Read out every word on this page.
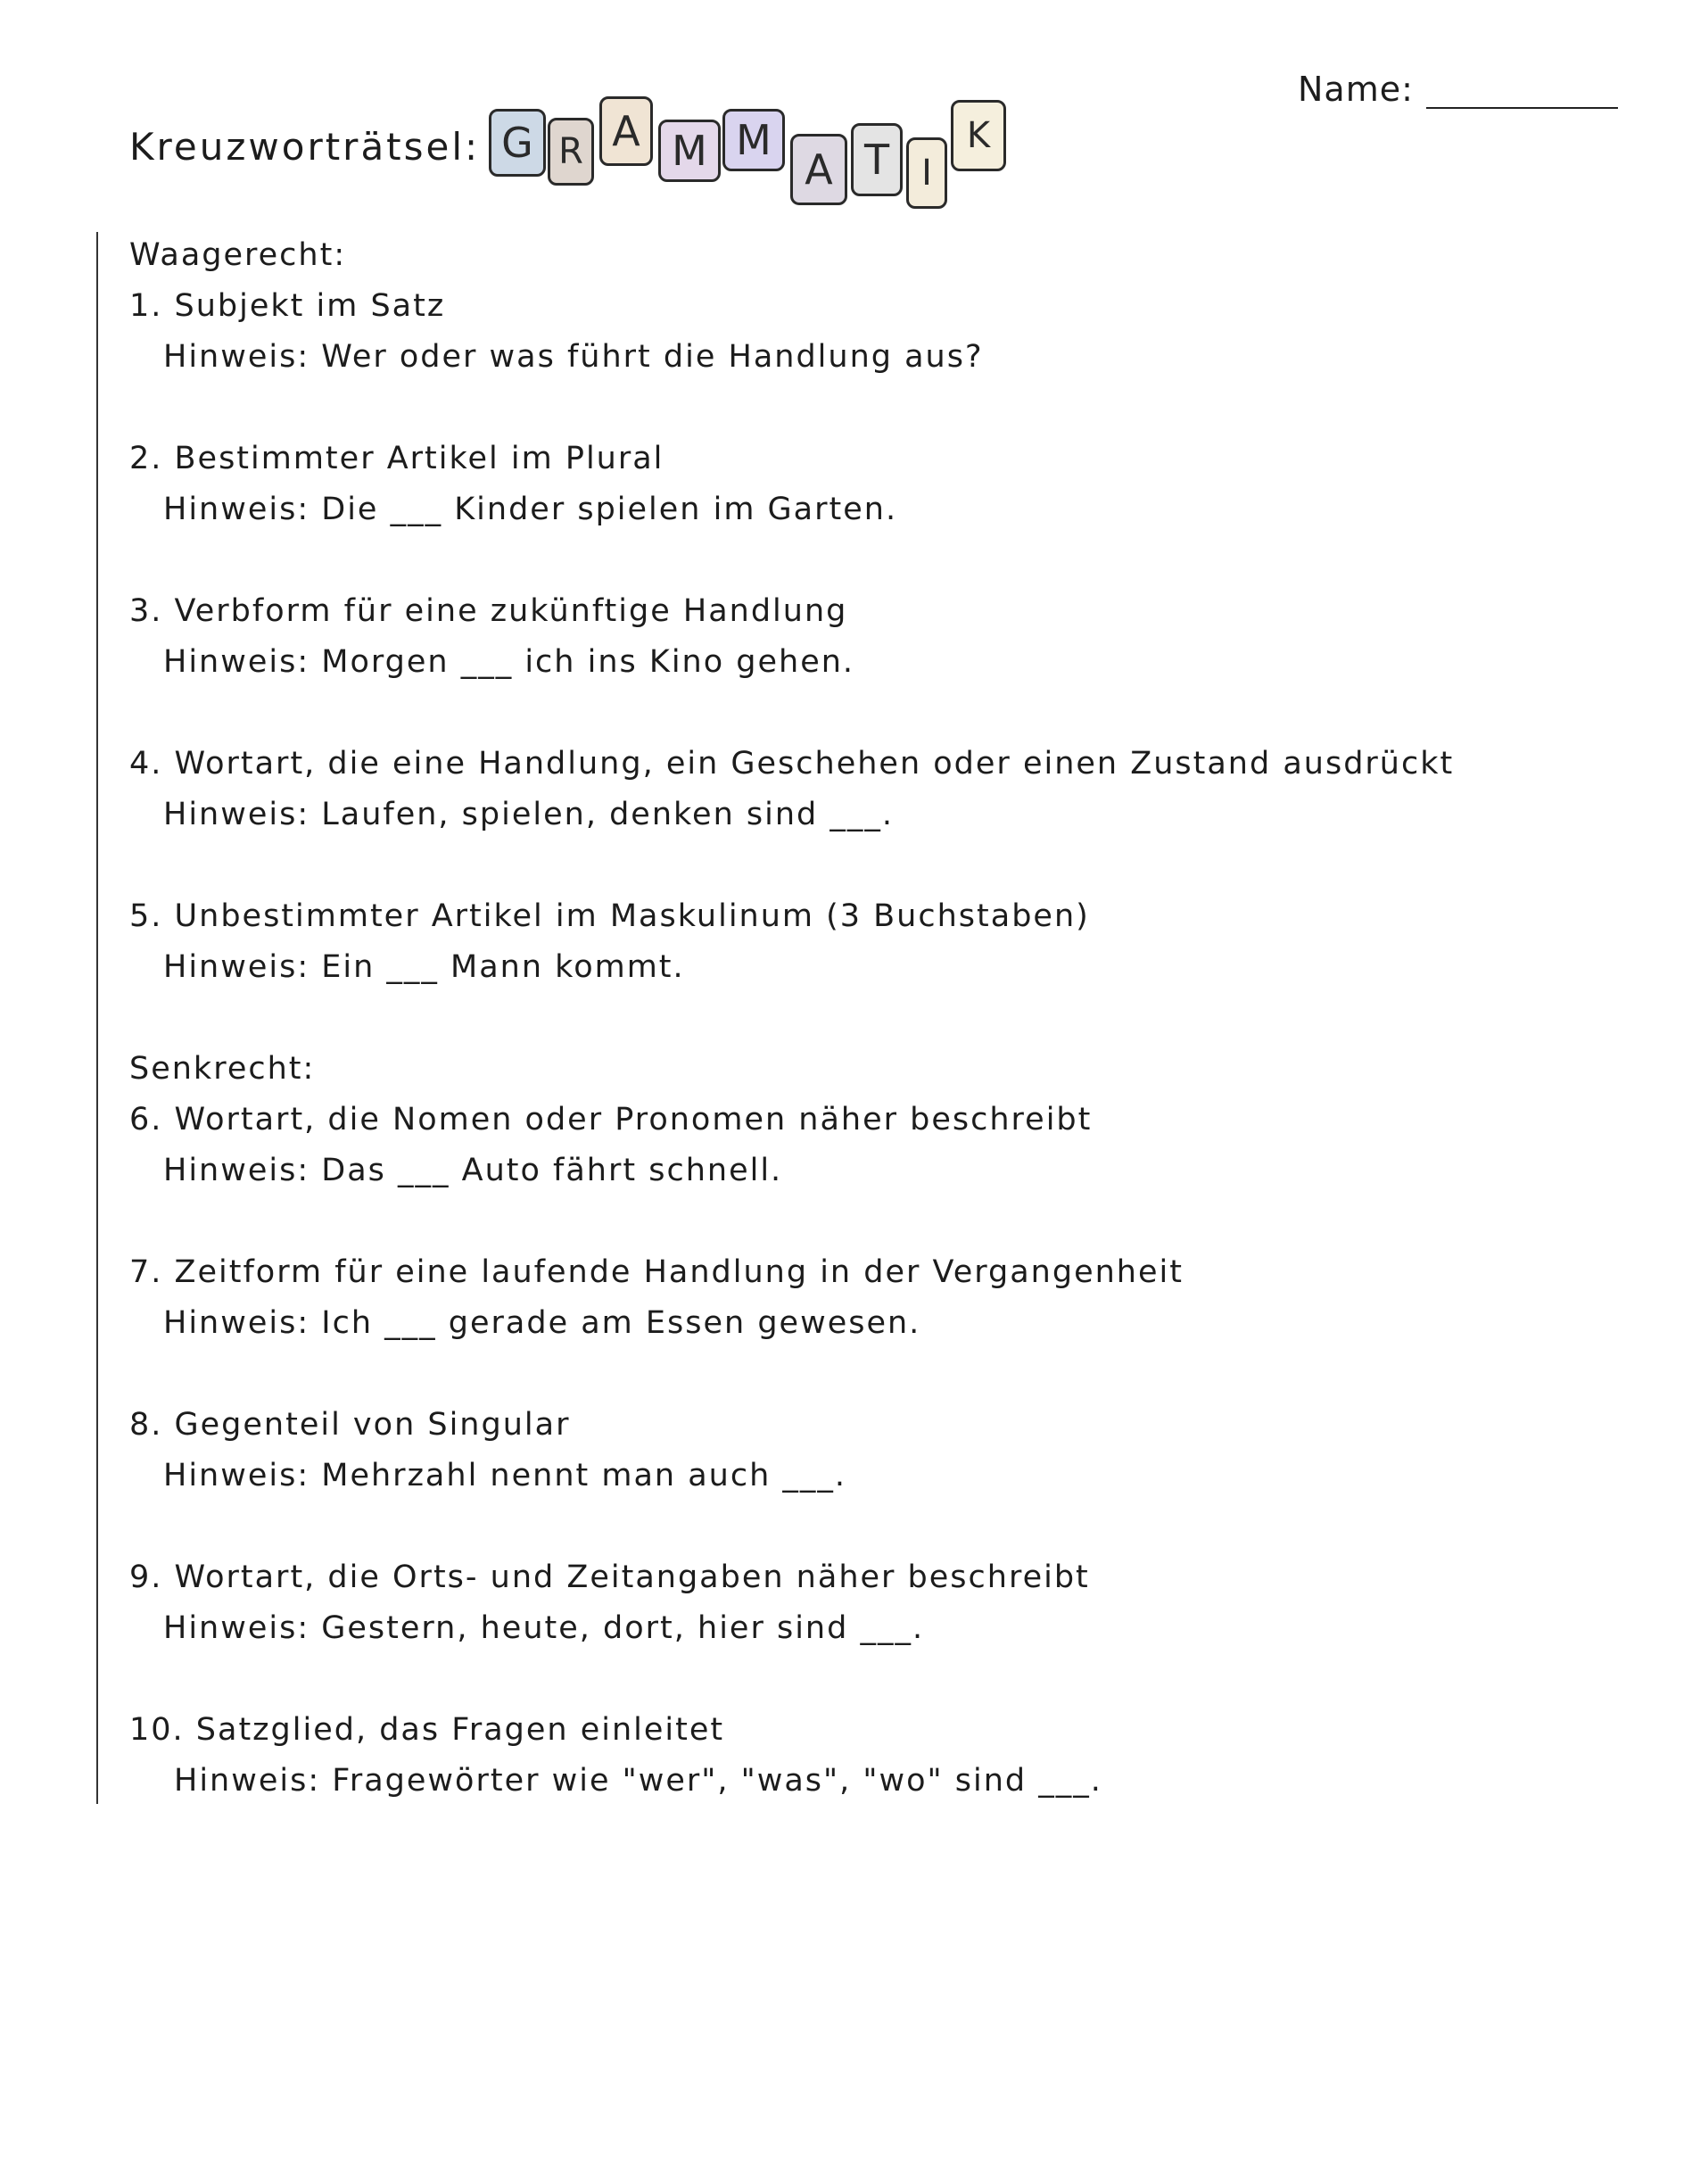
Name:
Kreuzworträtsel: G R A M M
A T I
K
Waagerecht:
1. Subjekt im Satz
Hinweis: Wer oder was führt die Handlung aus?
2. Bestimmter Artikel im Plural
Hinweis: Die ___ Kinder spielen im Garten.
3. Verbform für eine zukünftige Handlung
Hinweis: Morgen ___ ich ins Kino gehen.
4. Wortart, die eine Handlung, ein Geschehen oder einen Zustand ausdrückt
Hinweis: Laufen, spielen, denken sind ___.
5. Unbestimmter Artikel im Maskulinum (3 Buchstaben)
Hinweis: Ein ___ Mann kommt.
Senkrecht:
6. Wortart, die Nomen oder Pronomen näher beschreibt
Hinweis: Das ___ Auto fährt schnell.
7. Zeitform für eine laufende Handlung in der Vergangenheit
Hinweis: Ich ___ gerade am Essen gewesen.
8. Gegenteil von Singular
Hinweis: Mehrzahl nennt man auch ___.
9. Wortart, die Orts- und Zeitangaben näher beschreibt
Hinweis: Gestern, heute, dort, hier sind ___.
10. Satzglied, das Fragen einleitet
Hinweis: Fragewörter wie "wer", "was", "wo" sind ___.
